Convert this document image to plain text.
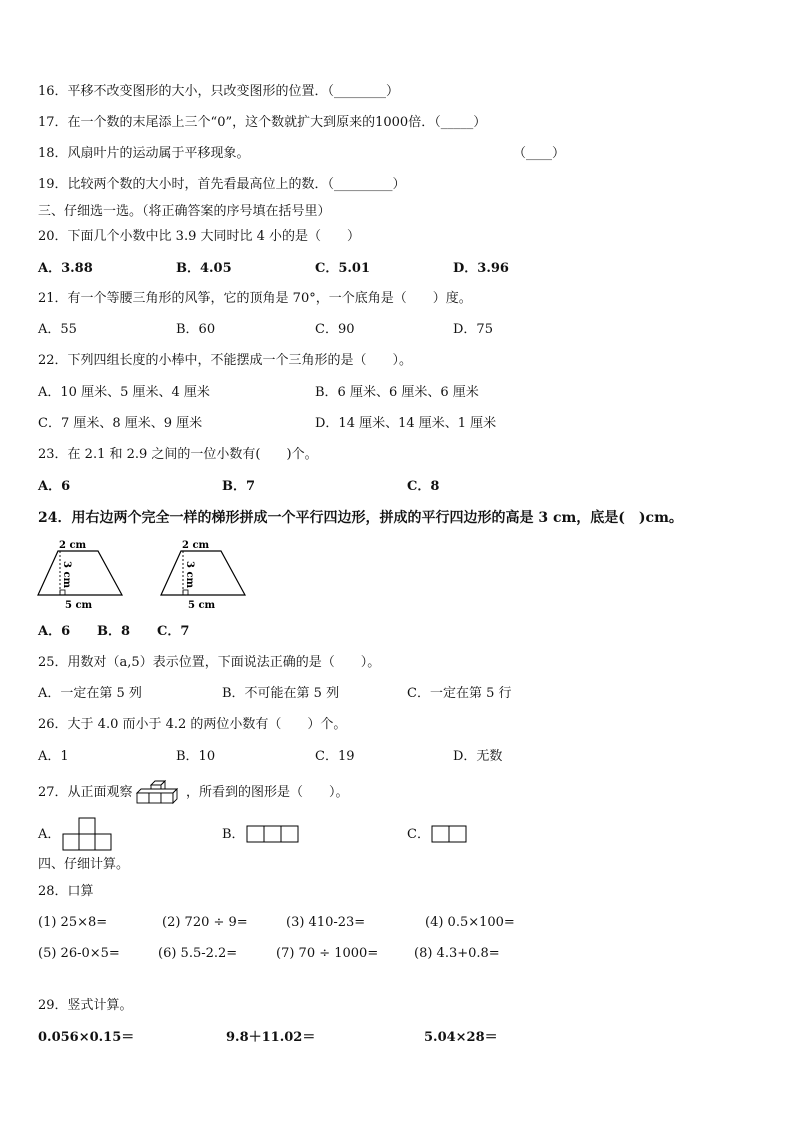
16．平移不改变图形的大小，只改变图形的位置．（________）
17．在一个数的末尾添上三个“0”，这个数就扩大到原来的1000倍．（_____）
18．风扇叶片的运动属于平移现象。	（____）
19．比较两个数的大小时，首先看最高位上的数．（_________）
三、仔细选一选。（将正确答案的序号填在括号里）
20．下面几个小数中比 3.9 大同时比 4 小的是（　　）
A．3.88	B．4.05	C．5.01	D．3.96
21．有一个等腰三角形的风筝，它的顶角是 70°，一个底角是（　　）度。
A．55	B．60	C．90	D．75
22．下列四组长度的小棒中，不能摆成一个三角形的是（　　）。
A．10 厘米、5 厘米、4 厘米	B．6 厘米、6 厘米、6 厘米
C．7 厘米、8 厘米、9 厘米	D．14 厘米、14 厘米、1 厘米
23．在 2.1 和 2.9 之间的一位小数有(　　)个。
A．6	B．7	C．8
24．用右边两个完全一样的梯形拼成一个平行四边形，拼成的平行四边形的高是 3 cm，底是(　)cm。
2 cm
3 cm
5 cm
2 cm
3 cm
5 cm
A．6 B．8 C．7
25．用数对（a,5）表示位置，下面说法正确的是（　　）。
A．一定在第 5 列	B．不可能在第 5 列	C．一定在第 5 行
26．大于 4.0 而小于 4.2 的两位小数有（　　）个。
A．1	B．10	C．19	D．无数
27．从正面观察	，所看到的图形是（　　）。
A．	B．	C．
四、仔细计算。
28．口算
(1) 25×8=	(2) 720 ÷ 9=	(3) 410-23=	(4) 0.5×100=
(5) 26-0×5=	(6) 5.5-2.2=	(7) 70 ÷ 1000=	(8) 4.3+0.8=
29．竖式计算。
0.056×0.15＝	9.8＋11.02＝	5.04×28＝
